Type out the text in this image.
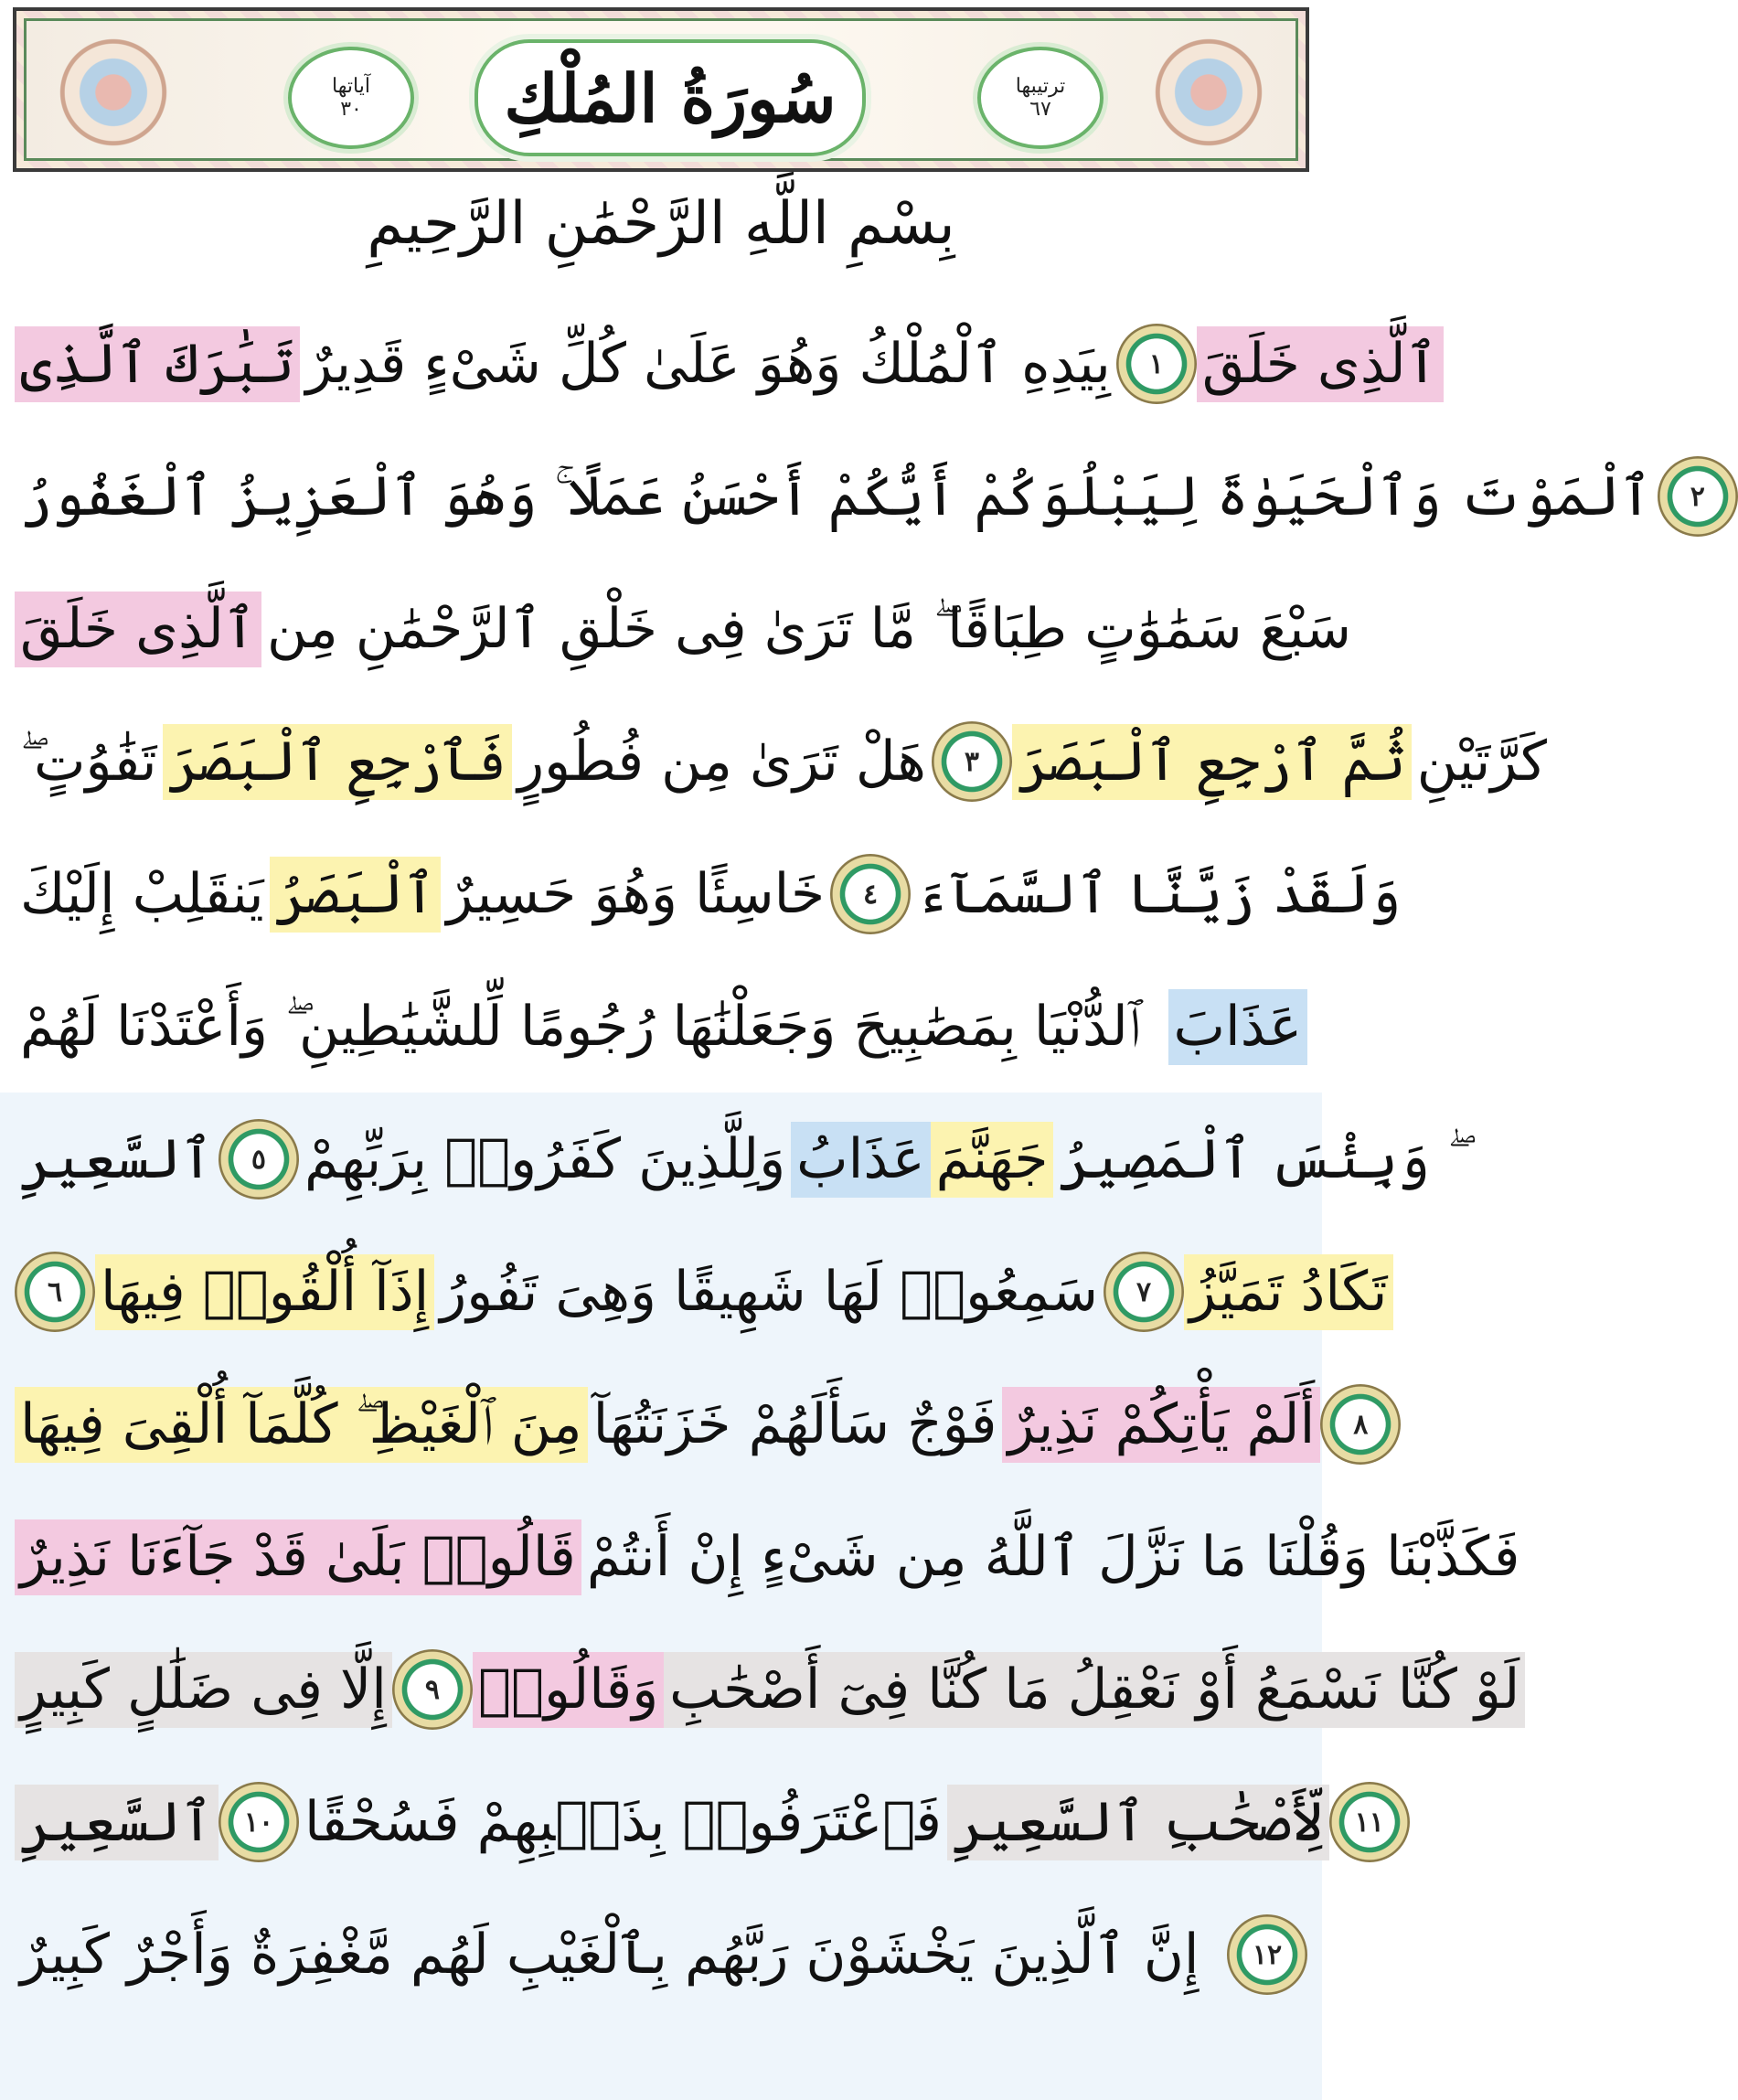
آياتها
٣٠ سُورَةُ المُلْكِ	ترتيبها
٦٧
بِسْمِ اللَّهِ الرَّحْمَٰنِ الرَّحِيمِ
تَبَٰرَكَ ٱلَّذِى بِيَدِهِ ٱلْمُلْكُ وَهُوَ عَلَىٰ كُلِّ شَىْءٍ قَدِيرٌ ١ ٱلَّذِى خَلَقَ
ٱلْمَوْتَ وَٱلْحَيَوٰةَ لِيَبْلُوَكُمْ أَيُّكُمْ أَحْسَنُ عَمَلًا ۚ وَهُوَ ٱلْعَزِيزُ ٱلْغَفُورُ ٢
ٱلَّذِى خَلَقَ سَبْعَ سَمَٰوَٰتٍ طِبَاقًا ۖ مَّا تَرَىٰ فِى خَلْقِ ٱلرَّحْمَٰنِ مِن
تَفَٰوُتٍ ۖ فَٱرْجِعِ ٱلْبَصَرَ هَلْ تَرَىٰ مِن فُطُورٍ ٣ ثُمَّ ٱرْجِعِ ٱلْبَصَرَ كَرَّتَيْنِ
يَنقَلِبْ إِلَيْكَ ٱلْبَصَرُ خَاسِئًا وَهُوَ حَسِيرٌ ٤ وَلَقَدْ زَيَّنَّا ٱلسَّمَآءَ
ٱلدُّنْيَا بِمَصَٰبِيحَ وَجَعَلْنَٰهَا رُجُومًا لِّلشَّيَٰطِينِ ۖ وَأَعْتَدْنَا لَهُمْ عَذَابَ
ٱلسَّعِيرِ ٥ وَلِلَّذِينَ كَفَرُوا۟ بِرَبِّهِمْ عَذَابُ جَهَنَّمَ ۖ وَبِئْسَ ٱلْمَصِيرُ
٦ إِذَآ أُلْقُوا۟ فِيهَا سَمِعُوا۟ لَهَا شَهِيقًا وَهِىَ تَفُورُ ٧ تَكَادُ تَمَيَّزُ
مِنَ ٱلْغَيْظِ ۖ كُلَّمَآ أُلْقِىَ فِيهَا فَوْجٌ سَأَلَهُمْ خَزَنَتُهَآ أَلَمْ يَأْتِكُمْ نَذِيرٌ ٨
قَالُوا۟ بَلَىٰ قَدْ جَآءَنَا نَذِيرٌ فَكَذَّبْنَا وَقُلْنَا مَا نَزَّلَ ٱللَّهُ مِن شَىْءٍ إِنْ أَنتُمْ
إِلَّا فِى ضَلَٰلٍ كَبِيرٍ ٩ وَقَالُوا۟ لَوْ كُنَّا نَسْمَعُ أَوْ نَعْقِلُ مَا كُنَّا فِىٓ أَصْحَٰبِ
ٱلسَّعِيرِ ١٠ فَٱعْتَرَفُوا۟ بِذَنۢبِهِمْ فَسُحْقًا لِّأَصْحَٰبِ ٱلسَّعِيرِ ١١
إِنَّ ٱلَّذِينَ يَخْشَوْنَ رَبَّهُم بِٱلْغَيْبِ لَهُم مَّغْفِرَةٌ وَأَجْرٌ كَبِيرٌ ١٢
